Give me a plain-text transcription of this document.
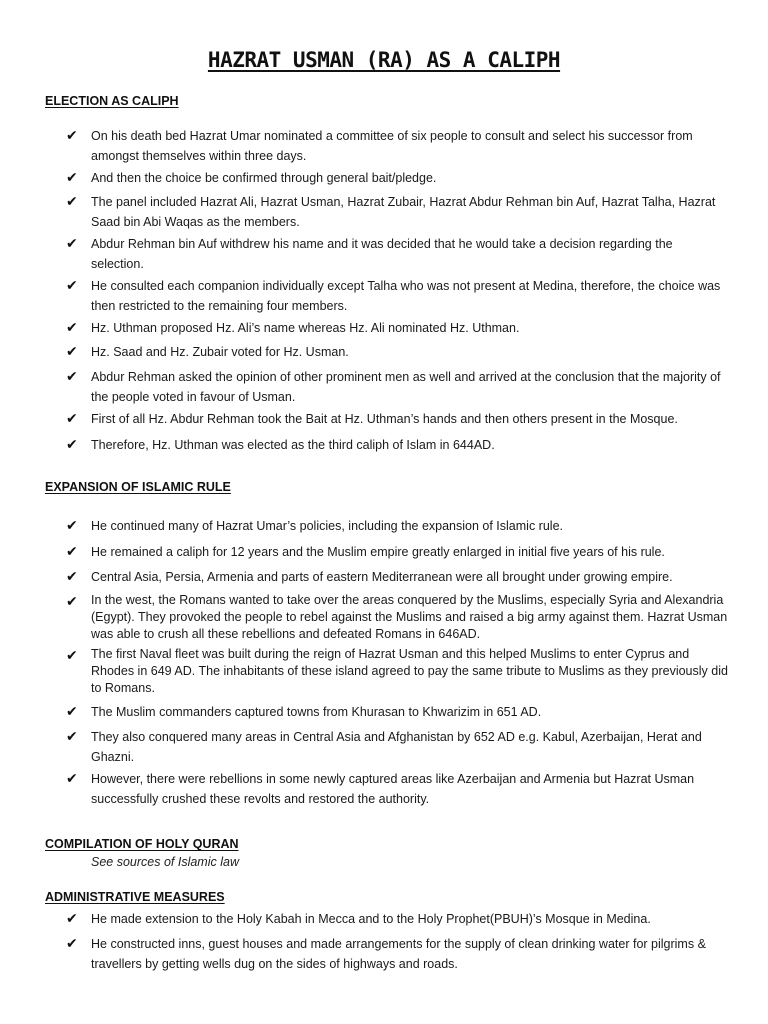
HAZRAT USMAN (RA) AS A CALIPH
ELECTION AS CALIPH
✔ On his death bed Hazrat Umar nominated a committee of six people to consult and select his successor from amongst themselves within three days.
✔ And then the choice be confirmed through general bait/pledge.
✔ The panel included Hazrat Ali, Hazrat Usman, Hazrat Zubair, Hazrat Abdur Rehman bin Auf, Hazrat Talha, Hazrat Saad bin Abi Waqas as the members.
✔ Abdur Rehman bin Auf withdrew his name and it was decided that he would take a decision regarding the selection.
✔ He consulted each companion individually except Talha who was not present at Medina, therefore, the choice was then restricted to the remaining four members.
✔ Hz. Uthman proposed Hz. Ali’s name whereas Hz. Ali nominated Hz. Uthman.
✔ Hz. Saad and Hz. Zubair voted for Hz. Usman.
✔ Abdur Rehman asked the opinion of other prominent men as well and arrived at the conclusion that the majority of the people voted in favour of Usman.
✔ First of all Hz. Abdur Rehman took the Bait at Hz. Uthman’s hands and then others present in the Mosque.
✔ Therefore, Hz. Uthman was elected as the third caliph of Islam in 644AD.
EXPANSION OF ISLAMIC RULE
✔ He continued many of Hazrat Umar’s policies, including the expansion of Islamic rule.
✔ He remained a caliph for 12 years and the Muslim empire greatly enlarged in initial five years of his rule.
✔ Central Asia, Persia, Armenia and parts of eastern Mediterranean were all brought under growing empire.
✔ In the west, the Romans wanted to take over the areas conquered by the Muslims, especially Syria and Alexandria (Egypt). They provoked the people to rebel against the Muslims and raised a big army against them. Hazrat Usman was able to crush all these rebellions and defeated Romans in 646AD.
✔ The first Naval fleet was built during the reign of Hazrat Usman and this helped Muslims to enter Cyprus and Rhodes in 649 AD. The inhabitants of these island agreed to pay the same tribute to Muslims as they previously did to Romans.
✔ The Muslim commanders captured towns from Khurasan to Khwarizim in 651 AD.
✔ They also conquered many areas in Central Asia and Afghanistan by 652 AD e.g. Kabul, Azerbaijan, Herat and Ghazni.
✔ However, there were rebellions in some newly captured areas like Azerbaijan and Armenia but Hazrat Usman successfully crushed these revolts and restored the authority.
COMPILATION OF HOLY QURAN
See sources of Islamic law
ADMINISTRATIVE MEASURES
✔ He made extension to the Holy Kabah in Mecca and to the Holy Prophet(PBUH)’s Mosque in Medina.
✔ He constructed inns, guest houses and made arrangements for the supply of clean drinking water for pilgrims & travellers by getting wells dug on the sides of highways and roads.
